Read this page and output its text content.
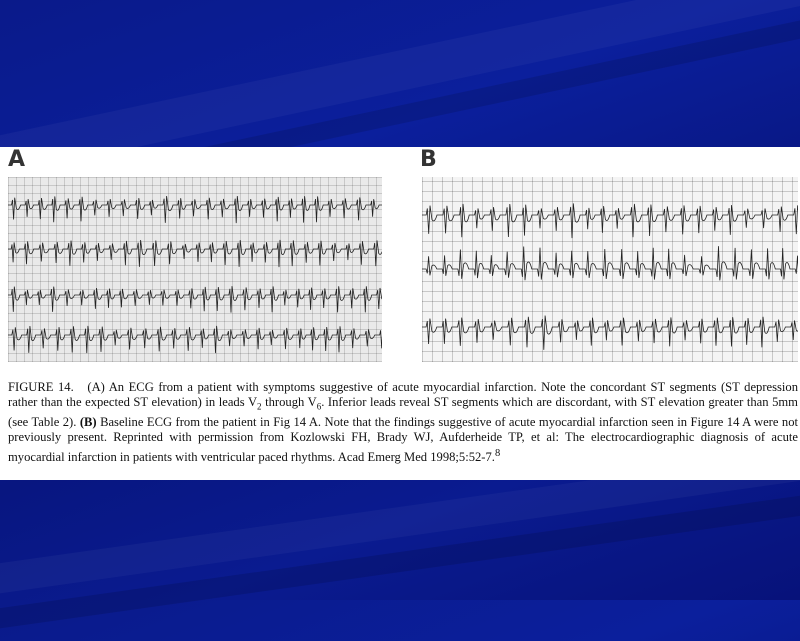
A	B
FIGURE 14. (A) An ECG from a patient with symptoms suggestive of acute myocardial infarction. Note the concordant ST segments (ST depression rather than the expected ST elevation) in leads $V_2$ through $V_6$. Inferior leads reveal ST segments which are discordant, with ST elevation greater than 5mm (see Table 2). (B) Baseline ECG from the patient in Fig 14 A. Note that the findings suggestive of acute myocardial infarction seen in Figure 14 A were not previously present. Reprinted with permission from Kozlowski FH, Brady WJ, Aufderheide TP, et al: The electrocardiographic diagnosis of acute myocardial infarction in patients with ventricular paced rhythms. Acad Emerg Med 1998;5:52-7.$^8$
